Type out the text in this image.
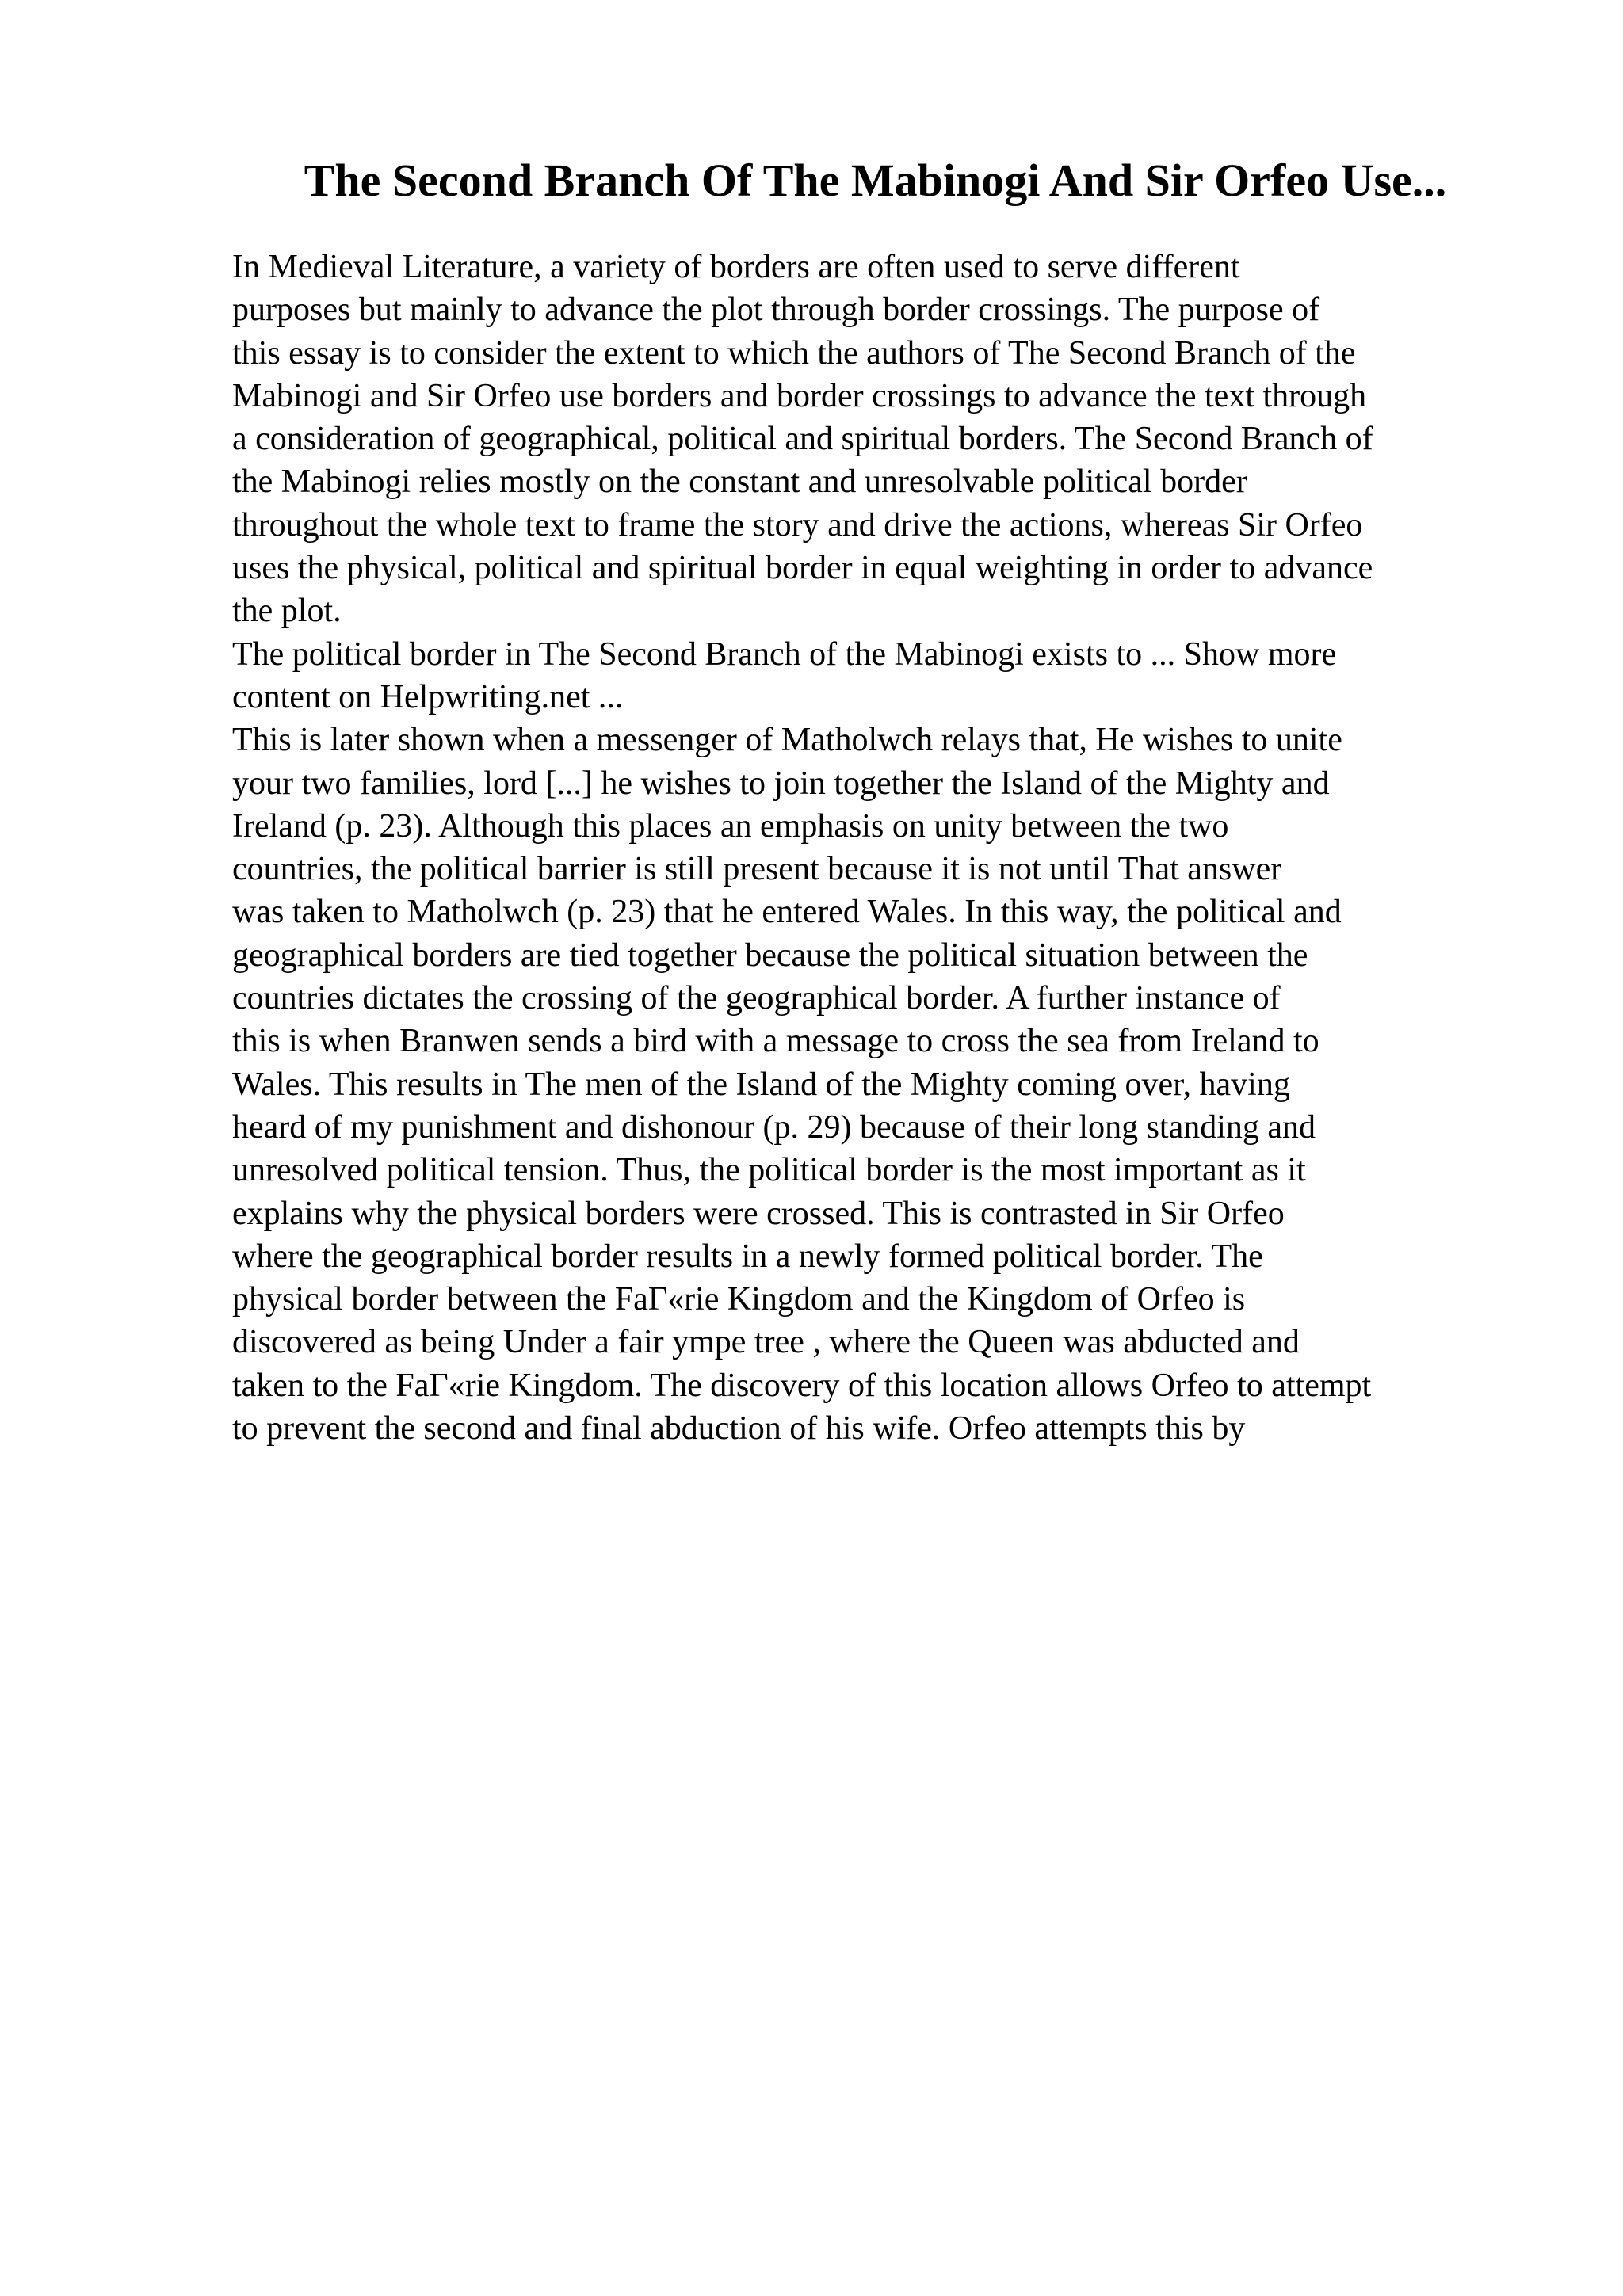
The Second Branch Of The Mabinogi And Sir Orfeo Use...
In Medieval Literature, a variety of borders are often used to serve different
purposes but mainly to advance the plot through border crossings. The purpose of
this essay is to consider the extent to which the authors of The Second Branch of the
Mabinogi and Sir Orfeo use borders and border crossings to advance the text through
a consideration of geographical, political and spiritual borders. The Second Branch of
the Mabinogi relies mostly on the constant and unresolvable political border
throughout the whole text to frame the story and drive the actions, whereas Sir Orfeo
uses the physical, political and spiritual border in equal weighting in order to advance
the plot.
The political border in The Second Branch of the Mabinogi exists to ... Show more
content on Helpwriting.net ...
This is later shown when a messenger of Matholwch relays that, He wishes to unite
your two families, lord [...] he wishes to join together the Island of the Mighty and
Ireland (p. 23). Although this places an emphasis on unity between the two
countries, the political barrier is still present because it is not until That answer
was taken to Matholwch (p. 23) that he entered Wales. In this way, the political and
geographical borders are tied together because the political situation between the
countries dictates the crossing of the geographical border. A further instance of
this is when Branwen sends a bird with a message to cross the sea from Ireland to
Wales. This results in The men of the Island of the Mighty coming over, having
heard of my punishment and dishonour (p. 29) because of their long standing and
unresolved political tension. Thus, the political border is the most important as it
explains why the physical borders were crossed. This is contrasted in Sir Orfeo
where the geographical border results in a newly formed political border. The
physical border between the FaΓ«rie Kingdom and the Kingdom of Orfeo is
discovered as being Under a fair ympe tree , where the Queen was abducted and
taken to the FaΓ«rie Kingdom. The discovery of this location allows Orfeo to attempt
to prevent the second and final abduction of his wife. Orfeo attempts this by
